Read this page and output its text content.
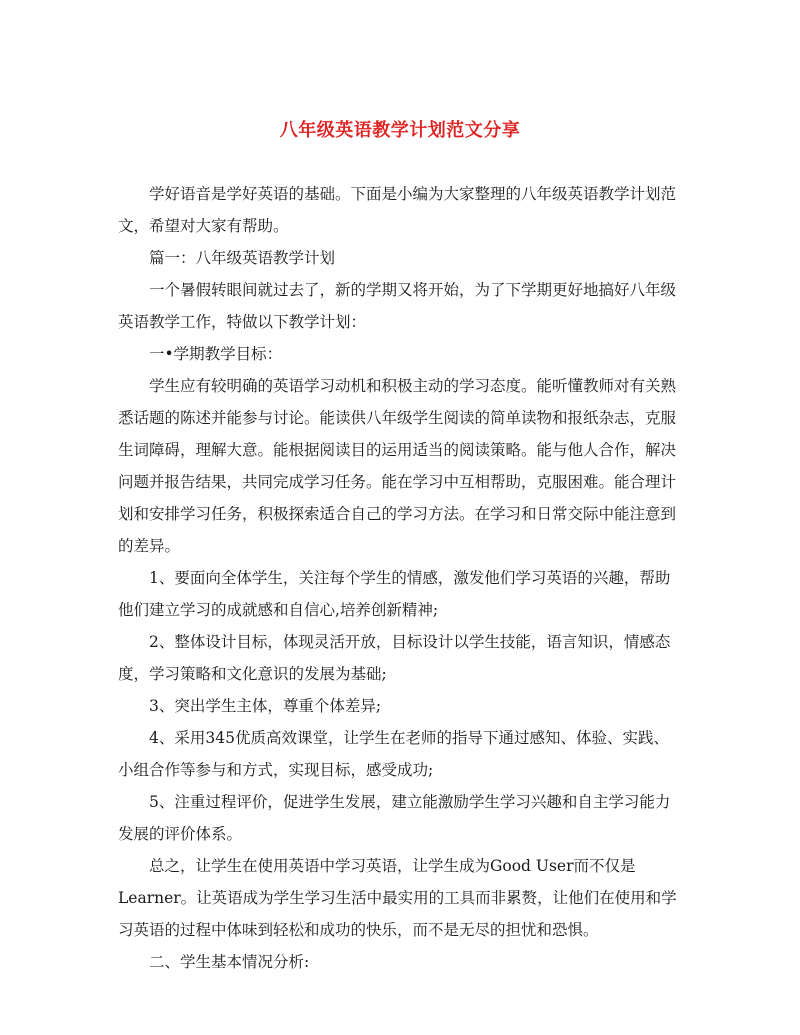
八年级英语教学计划范文分享

学好语音是学好英语的基础。下面是小编为大家整理的八年级英语教学计划范文，希望对大家有帮助。

篇一：八年级英语教学计划

一个暑假转眼间就过去了，新的学期又将开始，为了下学期更好地搞好八年级英语教学工作，特做以下教学计划：

一•学期教学目标：

学生应有较明确的英语学习动机和积极主动的学习态度。能听懂教师对有关熟悉话题的陈述并能参与讨论。能读供八年级学生阅读的简单读物和报纸杂志，克服生词障碍，理解大意。能根据阅读目的运用适当的阅读策略。能与他人合作，解决问题并报告结果，共同完成学习任务。能在学习中互相帮助，克服困难。能合理计划和安排学习任务，积极探索适合自己的学习方法。在学习和日常交际中能注意到的差异。

1、要面向全体学生，关注每个学生的情感，激发他们学习英语的兴趣，帮助他们建立学习的成就感和自信心,培养创新精神;

2、整体设计目标，体现灵活开放，目标设计以学生技能，语言知识，情感态度，学习策略和文化意识的发展为基础;

3、突出学生主体，尊重个体差异;

4、采用345优质高效课堂，让学生在老师的指导下通过感知、体验、实践、小组合作等参与和方式，实现目标，感受成功;

5、注重过程评价，促进学生发展，建立能激励学生学习兴趣和自主学习能力发展的评价体系。

总之，让学生在使用英语中学习英语，让学生成为Good User而不仅是Learner。让英语成为学生学习生活中最实用的工具而非累赘，让他们在使用和学习英语的过程中体味到轻松和成功的快乐，而不是无尽的担忧和恐惧。

二、学生基本情况分析:
